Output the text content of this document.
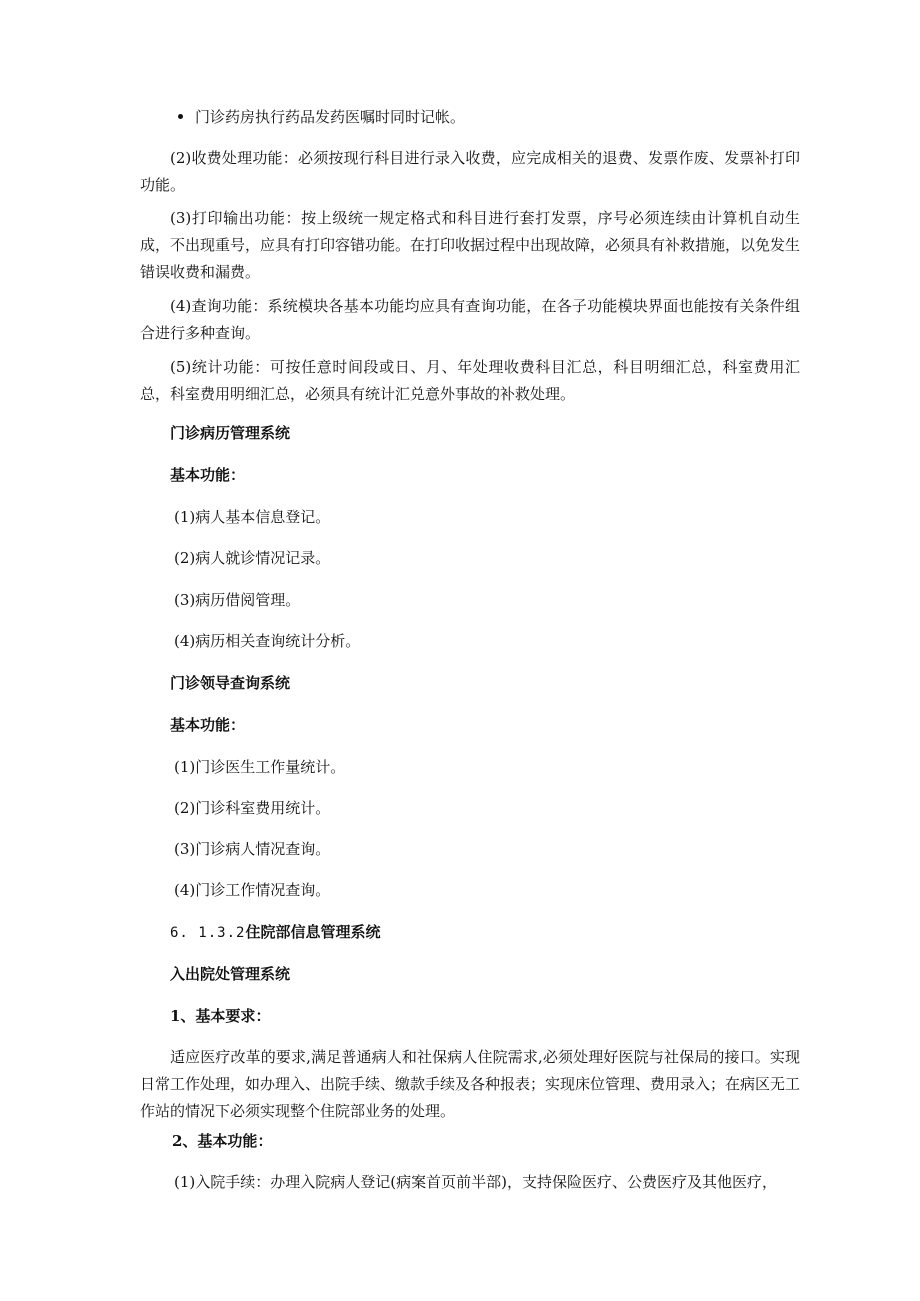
门诊药房执行药品发药医嘱时同时记帐。
(2)收费处理功能：必须按现行科目进行录入收费，应完成相关的退费、发票作废、发票补打印功能。
(3)打印输出功能：按上级统一规定格式和科目进行套打发票，序号必须连续由计算机自动生成，不出现重号，应具有打印容错功能。在打印收据过程中出现故障，必须具有补救措施，以免发生错误收费和漏费。
(4)查询功能：系统模块各基本功能均应具有查询功能，在各子功能模块界面也能按有关条件组合进行多种查询。
(5)统计功能：可按任意时间段或日、月、年处理收费科目汇总，科目明细汇总，科室费用汇总，科室费用明细汇总，必须具有统计汇兑意外事故的补救处理。
门诊病历管理系统
基本功能：
(1)病人基本信息登记。
(2)病人就诊情况记录。
(3)病历借阅管理。
(4)病历相关查询统计分析。
门诊领导查询系统
基本功能：
(1)门诊医生工作量统计。
(2)门诊科室费用统计。
(3)门诊病人情况查询。
(4)门诊工作情况查询。
6. 1.3.2住院部信息管理系统
入出院处管理系统
1、基本要求：
适应医疗改革的要求,满足普通病人和社保病人住院需求,必须处理好医院与社保局的接口。实现日常工作处理，如办理入、出院手续、缴款手续及各种报表；实现床位管理、费用录入；在病区无工作站的情况下必须实现整个住院部业务的处理。
2、基本功能：
(1)入院手续：办理入院病人登记(病案首页前半部)，支持保险医疗、公费医疗及其他医疗，
